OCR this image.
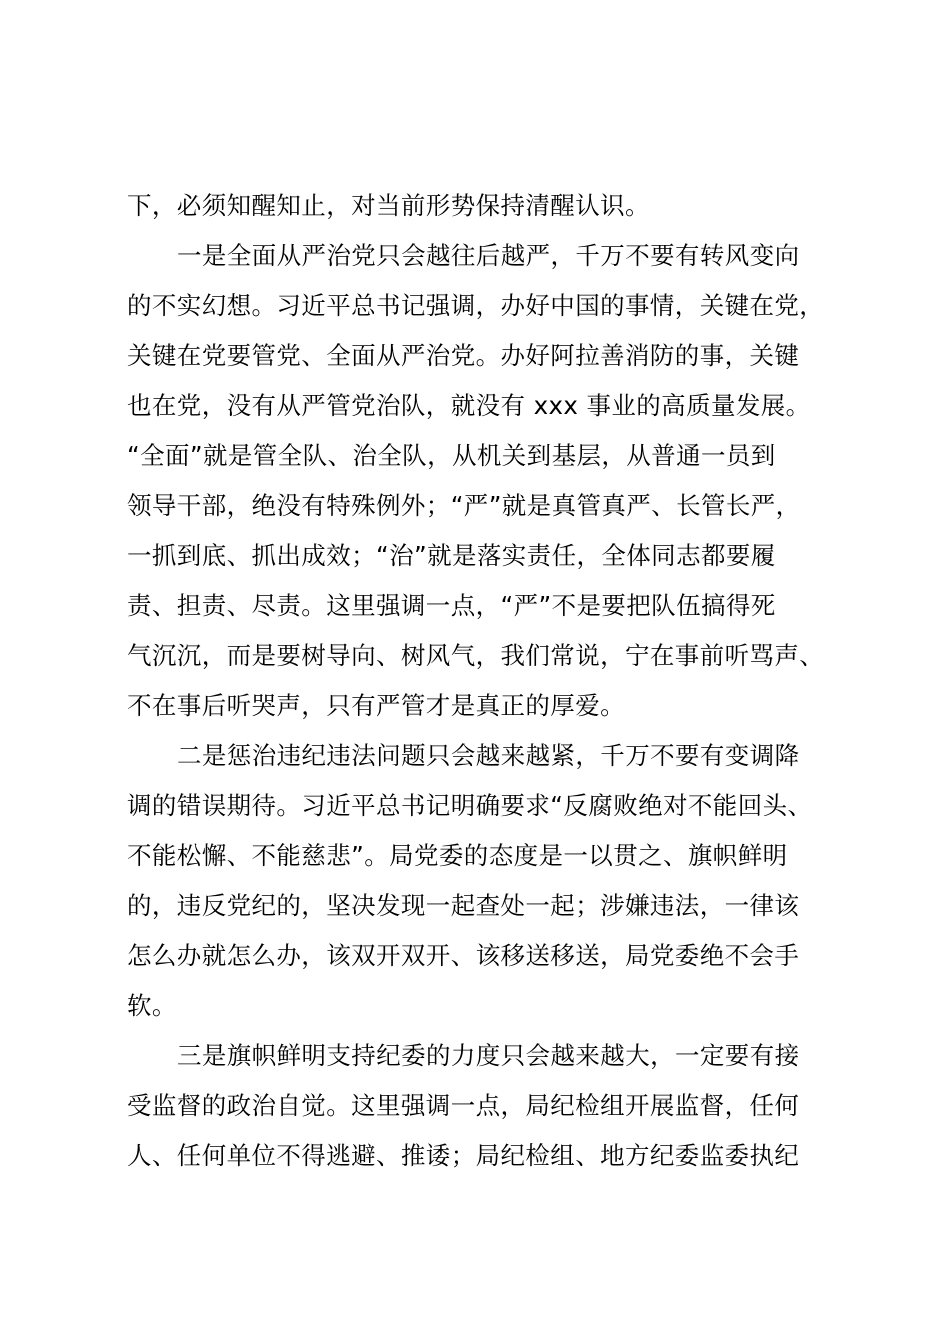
下，必须知醒知止，对当前形势保持清醒认识。
一是全面从严治党只会越往后越严，千万不要有转风变向
的不实幻想。习近平总书记强调，办好中国的事情，关键在党，
关键在党要管党、全面从严治党。办好阿拉善消防的事，关键
也在党，没有从严管党治队，就没有 xxx 事业的高质量发展。
“全面”就是管全队、治全队，从机关到基层，从普通一员到
领导干部，绝没有特殊例外；“严”就是真管真严、长管长严，
一抓到底、抓出成效；“治”就是落实责任，全体同志都要履
责、担责、尽责。这里强调一点，“严”不是要把队伍搞得死
气沉沉，而是要树导向、树风气，我们常说，宁在事前听骂声、
不在事后听哭声，只有严管才是真正的厚爱。
二是惩治违纪违法问题只会越来越紧，千万不要有变调降
调的错误期待。习近平总书记明确要求“反腐败绝对不能回头、
不能松懈、不能慈悲”。局党委的态度是一以贯之、旗帜鲜明
的，违反党纪的，坚决发现一起查处一起；涉嫌违法，一律该
怎么办就怎么办，该双开双开、该移送移送，局党委绝不会手
软。
三是旗帜鲜明支持纪委的力度只会越来越大，一定要有接
受监督的政治自觉。这里强调一点，局纪检组开展监督，任何
人、任何单位不得逃避、推诿；局纪检组、地方纪委监委执纪
